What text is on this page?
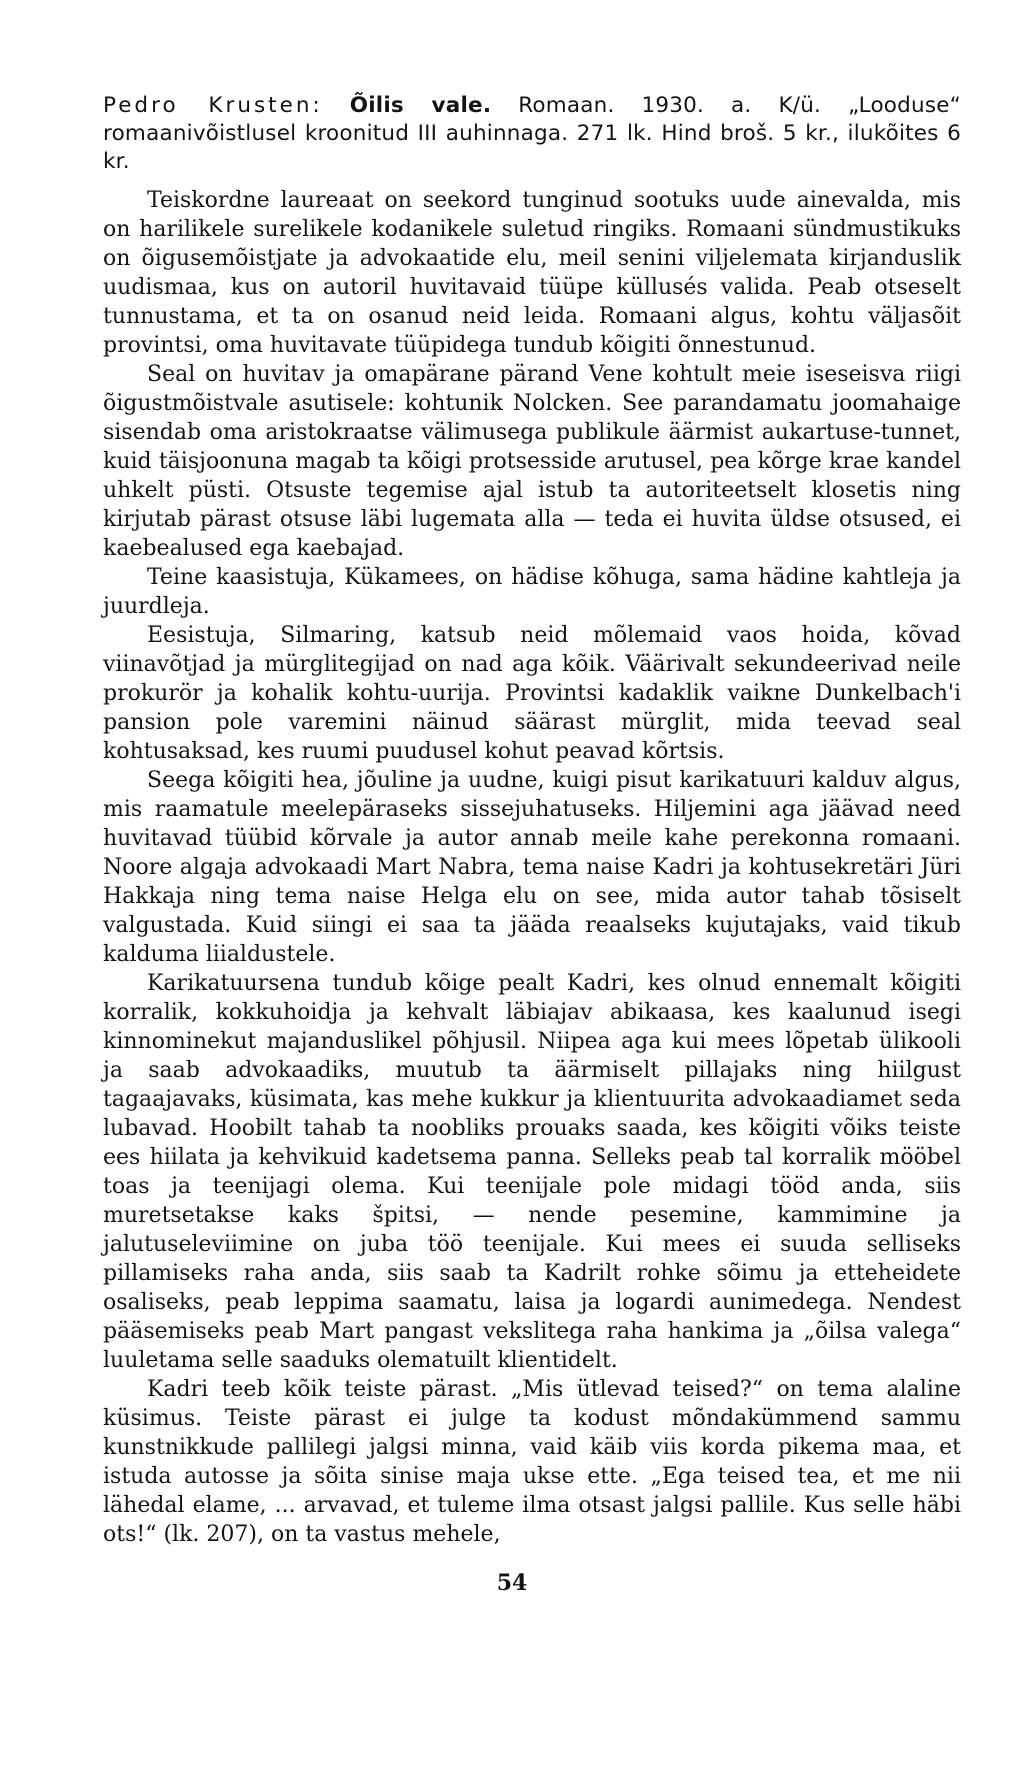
Pedro Krusten: Õilis vale. Romaan. 1930. a. K/ü. „Looduse“ romaanivõistlusel kroonitud III auhinnaga. 271 lk. Hind broš. 5 kr., ilukõites 6 kr.

Teiskordne laureaat on seekord tunginud sootuks uude ainevalda, mis on harilikele surelikele kodanikele suletud ringiks. Romaani sündmustikuks on õigusemõistjate ja advokaatide elu, meil senini viljelemata kirjanduslik uudismaa, kus on autoril huvitavaid tüüpe küllusés valida. Peab otseselt tunnustama, et ta on osanud neid leida. Romaani algus, kohtu väljasõit provintsi, oma huvitavate tüüpidega tundub kõigiti õnnestunud.

Seal on huvitav ja omapärane pärand Vene kohtult meie iseseisva riigi õigustmõistvale asutisele: kohtunik Nolcken. See parandamatu joomahaige sisendab oma aristokraatse välimusega publikule äärmist aukartuse-tunnet, kuid täisjoonuna magab ta kõigi protsesside arutusel, pea kõrge krae kandel uhkelt püsti. Otsuste tegemise ajal istub ta autoriteetselt klosetis ning kirjutab pärast otsuse läbi lugemata alla — teda ei huvita üldse otsused, ei kaebealused ega kaebajad.

Teine kaasistuja, Kükamees, on hädise kõhuga, sama hädine kahtleja ja juurdleja.

Eesistuja, Silmaring, katsub neid mõlemaid vaos hoida, kõvad viinavõtjad ja mürglitegijad on nad aga kõik. Väärivalt sekundeerivad neile prokurör ja kohalik kohtu-uurija. Provintsi kadaklik vaikne Dunkelbach'i pansion pole varemini näinud säärast mürglit, mida teevad seal kohtusaksad, kes ruumi puudusel kohut peavad kõrtsis.

Seega kõigiti hea, jõuline ja uudne, kuigi pisut karikatuuri kalduv algus, mis raamatule meelepäraseks sissejuhatuseks. Hiljemini aga jäävad need huvitavad tüübid kõrvale ja autor annab meile kahe perekonna romaani. Noore algaja advokaadi Mart Nabra, tema naise Kadri ja kohtusekretäri Jüri Hakkaja ning tema naise Helga elu on see, mida autor tahab tõsiselt valgustada. Kuid siingi ei saa ta jääda reaalseks kujutajaks, vaid tikub kalduma liialdustele.

Karikatuursena tundub kõige pealt Kadri, kes olnud ennemalt kõigiti korralik, kokkuhoidja ja kehvalt läbiajav abikaasa, kes kaalunud isegi kinnominekut majanduslikel põhjusil. Niipea aga kui mees lõpetab ülikooli ja saab advokaadiks, muutub ta äärmiselt pillajaks ning hiilgust tagaajavaks, küsimata, kas mehe kukkur ja klientuurita advokaadiamet seda lubavad. Hoobilt tahab ta noobliks prouaks saada, kes kõigiti võiks teiste ees hiilata ja kehvikuid kadetsema panna. Selleks peab tal korralik mööbel toas ja teenijagi olema. Kui teenijale pole midagi tööd anda, siis muretsetakse kaks špitsi, — nende pesemine, kammimine ja jalutuseleviimine on juba töö teenijale. Kui mees ei suuda selliseks pillamiseks raha anda, siis saab ta Kadrilt rohke sõimu ja etteheidete osaliseks, peab leppima saamatu, laisa ja logardi aunimedega. Nendest pääsemiseks peab Mart pangast vekslitega raha hankima ja „õilsa valega“ luuletama selle saaduks olematuilt klientidelt.

Kadri teeb kõik teiste pärast. „Mis ütlevad teised?“ on tema alaline küsimus. Teiste pärast ei julge ta kodust mõndakümmend sammu kunstnikkude pallilegi jalgsi minna, vaid käib viis korda pikema maa, et istuda autosse ja sõita sinise maja ukse ette. „Ega teised tea, et me nii lähedal elame, ... arvavad, et tuleme ilma otsast jalgsi pallile. Kus selle häbi ots!“ (lk. 207), on ta vastus mehele,

54
